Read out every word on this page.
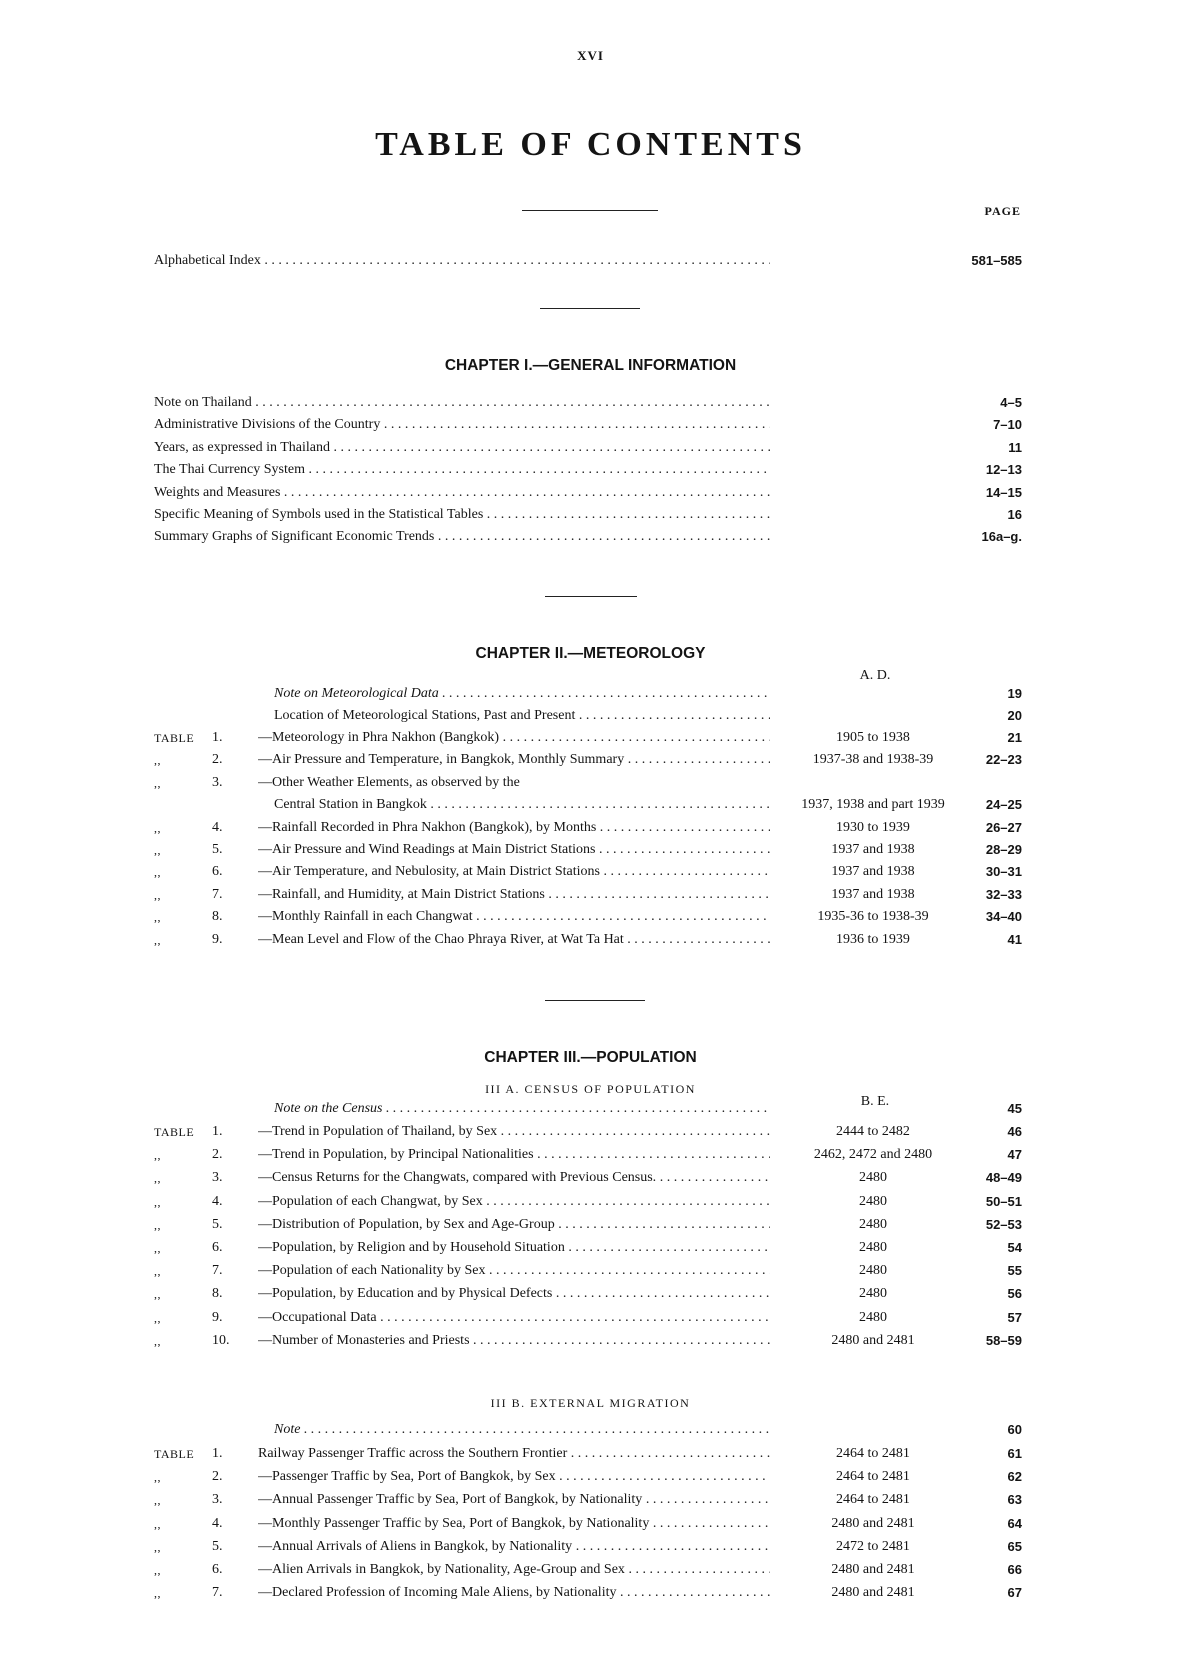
XVI
TABLE OF CONTENTS
PAGE
Alphabetical Index . . .	581–585
CHAPTER I.—GENERAL INFORMATION
Note on Thailand . . .	4–5
Administrative Divisions of the Country . . .	7–10
Years, as expressed in Thailand . . .	11
The Thai Currency System . . .	12–13
Weights and Measures . . .	14–15
Specific Meaning of Symbols used in the Statistical Tables . . .	16
Summary Graphs of Significant Economic Trends . . .	16a–g.
CHAPTER II.—METEOROLOGY
A. D.
Note on Meteorological Data . . .	19
Location of Meteorological Stations, Past and Present . . .	20
TABLE	1.	—Meteorology in Phra Nakhon (Bangkok) . . .	1905 to 1938	21
,,	2.	—Air Pressure and Temperature, in Bangkok, Monthly Summary . . .	1937-38 and 1938-39	22–23
,,	3.	—Other Weather Elements, as observed by the
Central Station in Bangkok . . .	1937, 1938 and part 1939	24–25
,,	4.	—Rainfall Recorded in Phra Nakhon (Bangkok), by Months . . .	1930 to 1939	26–27
,,	5.	—Air Pressure and Wind Readings at Main District Stations . . .	1937 and 1938	28–29
,,	6.	—Air Temperature, and Nebulosity, at Main District Stations . . .	1937 and 1938	30–31
,,	7.	—Rainfall, and Humidity, at Main District Stations . . .	1937 and 1938	32–33
,,	8.	—Monthly Rainfall in each Changwat . . .	1935-36 to 1938-39	34–40
,,	9.	—Mean Level and Flow of the Chao Phraya River, at Wat Ta Hat . . .	1936 to 1939	41
CHAPTER III.—POPULATION
III A. CENSUS OF POPULATION
B. E.
Note on the Census . . .	45
TABLE	1.	—Trend in Population of Thailand, by Sex . . .	2444 to 2482	46
,,	2.	—Trend in Population, by Principal Nationalities . . .	2462, 2472 and 2480	47
,,	3.	—Census Returns for the Changwats, compared with Previous Census. . . .	2480	48–49
,,	4.	—Population of each Changwat, by Sex . . .	2480	50–51
,,	5.	—Distribution of Population, by Sex and Age-Group . . .	2480	52–53
,,	6.	—Population, by Religion and by Household Situation . . .	2480	54
,,	7.	—Population of each Nationality by Sex . . .	2480	55
,,	8.	—Population, by Education and by Physical Defects . . .	2480	56
,,	9.	—Occupational Data . . .	2480	57
,,	10.	—Number of Monasteries and Priests . . .	2480 and 2481	58–59
III B. EXTERNAL MIGRATION
Note . . .	60
TABLE	1.	Railway Passenger Traffic across the Southern Frontier . . .	2464 to 2481	61
,,	2.	—Passenger Traffic by Sea, Port of Bangkok, by Sex . . .	2464 to 2481	62
,,	3.	—Annual Passenger Traffic by Sea, Port of Bangkok, by Nationality . . .	2464 to 2481	63
,,	4.	—Monthly Passenger Traffic by Sea, Port of Bangkok, by Nationality . . .	2480 and 2481	64
,,	5.	—Annual Arrivals of Aliens in Bangkok, by Nationality . . .	2472 to 2481	65
,,	6.	—Alien Arrivals in Bangkok, by Nationality, Age-Group and Sex . . .	2480 and 2481	66
,,	7.	—Declared Profession of Incoming Male Aliens, by Nationality . . .	2480 and 2481	67
